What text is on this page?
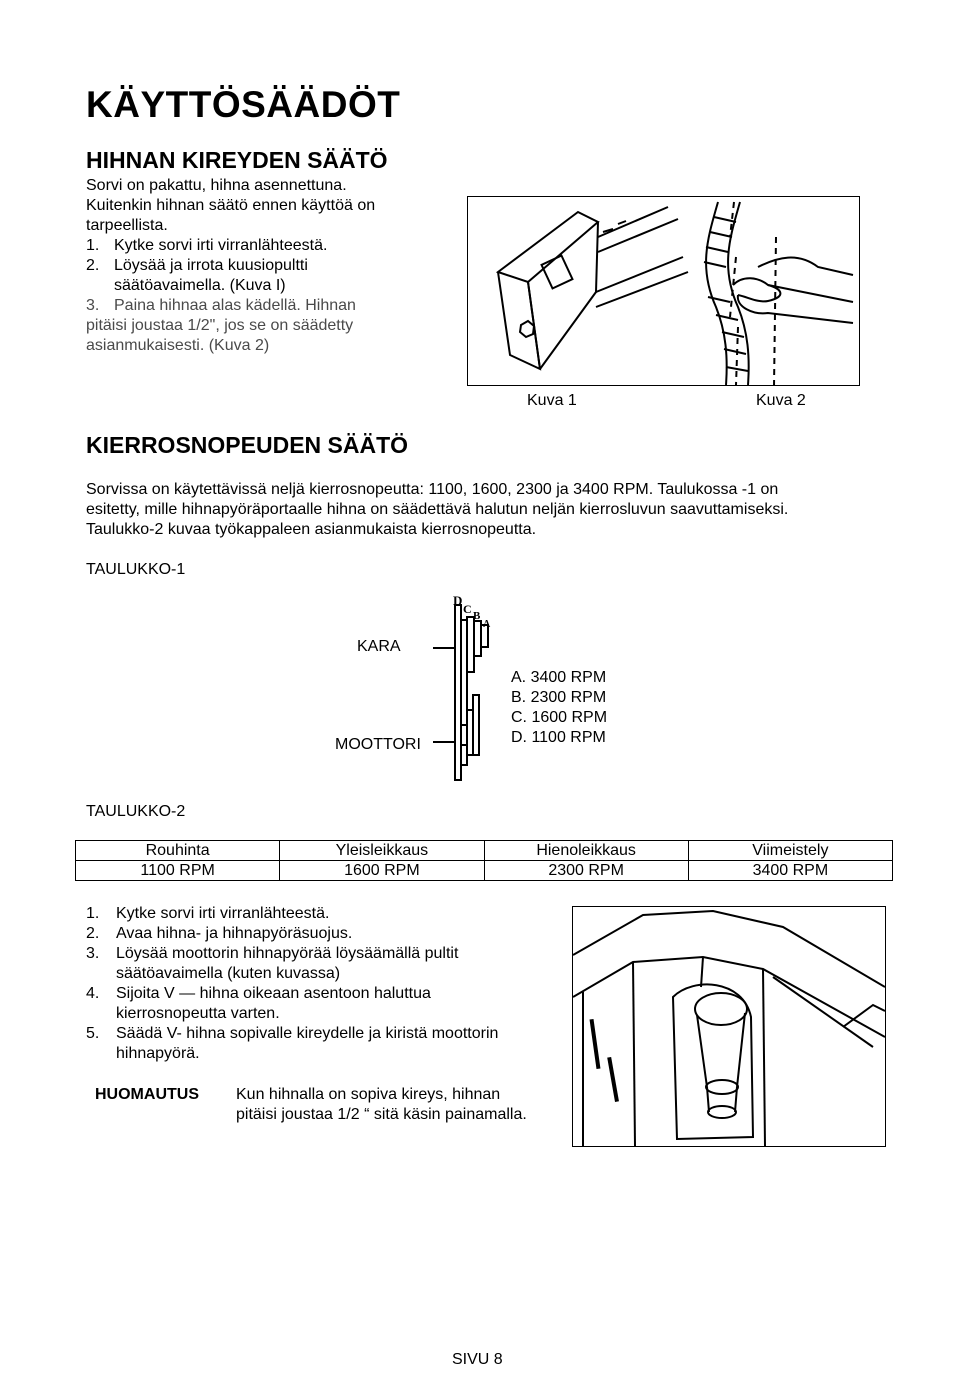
KÄYTTÖSÄÄDÖT
HIHNAN KIREYDEN SÄÄTÖ
Sorvi on pakattu, hihna asennettuna.
Kuitenkin hihnan säätö ennen käyttöä on
tarpeellista.
1. Kytke sorvi irti virranlähteestä.
2. Löysää ja irrota kuusiopultti
säätöavaimella. (Kuva I)
3. Paina hihnaa alas kädellä. Hihnan
pitäisi joustaa 1/2", jos se on säädetty
asianmukaisesti. (Kuva 2)
Kuva 1	Kuva 2
KIERROSNOPEUDEN SÄÄTÖ
Sorvissa on käytettävissä neljä kierrosnopeutta: 1100, 1600, 2300 ja 3400 RPM. Taulukossa -1 on
esitetty, mille hihnapyöräportaalle hihna on säädettävä halutun neljän kierrosluvun saavuttamiseksi.
Taulukko-2 kuvaa työkappaleen asianmukaista kierrosnopeutta.
TAULUKKO-1
KARA
MOOTTORI
D
C B
A
A. 3400 RPM
B. 2300 RPM
C. 1600 RPM
D. 1100 RPM
TAULUKKO-2
Rouhinta	Yleisleikkaus	Hienoleikkaus	Viimeistely
1100 RPM	1600 RPM	2300 RPM	3400 RPM
1. Kytke sorvi irti virranlähteestä.
2. Avaa hihna- ja hihnapyöräsuojus.
3. Löysää moottorin hihnapyörää löysäämällä pultit
säätöavaimella (kuten kuvassa)
4. Sijoita V — hihna oikeaan asentoon haluttua
kierrosnopeutta varten.
5. Säädä V- hihna sopivalle kireydelle ja kiristä moottorin
hihnapyörä.
HUOMAUTUS Kun hihnalla on sopiva kireys, hihnan
pitäisi joustaa 1/2 “ sitä käsin painamalla.
SIVU 8
